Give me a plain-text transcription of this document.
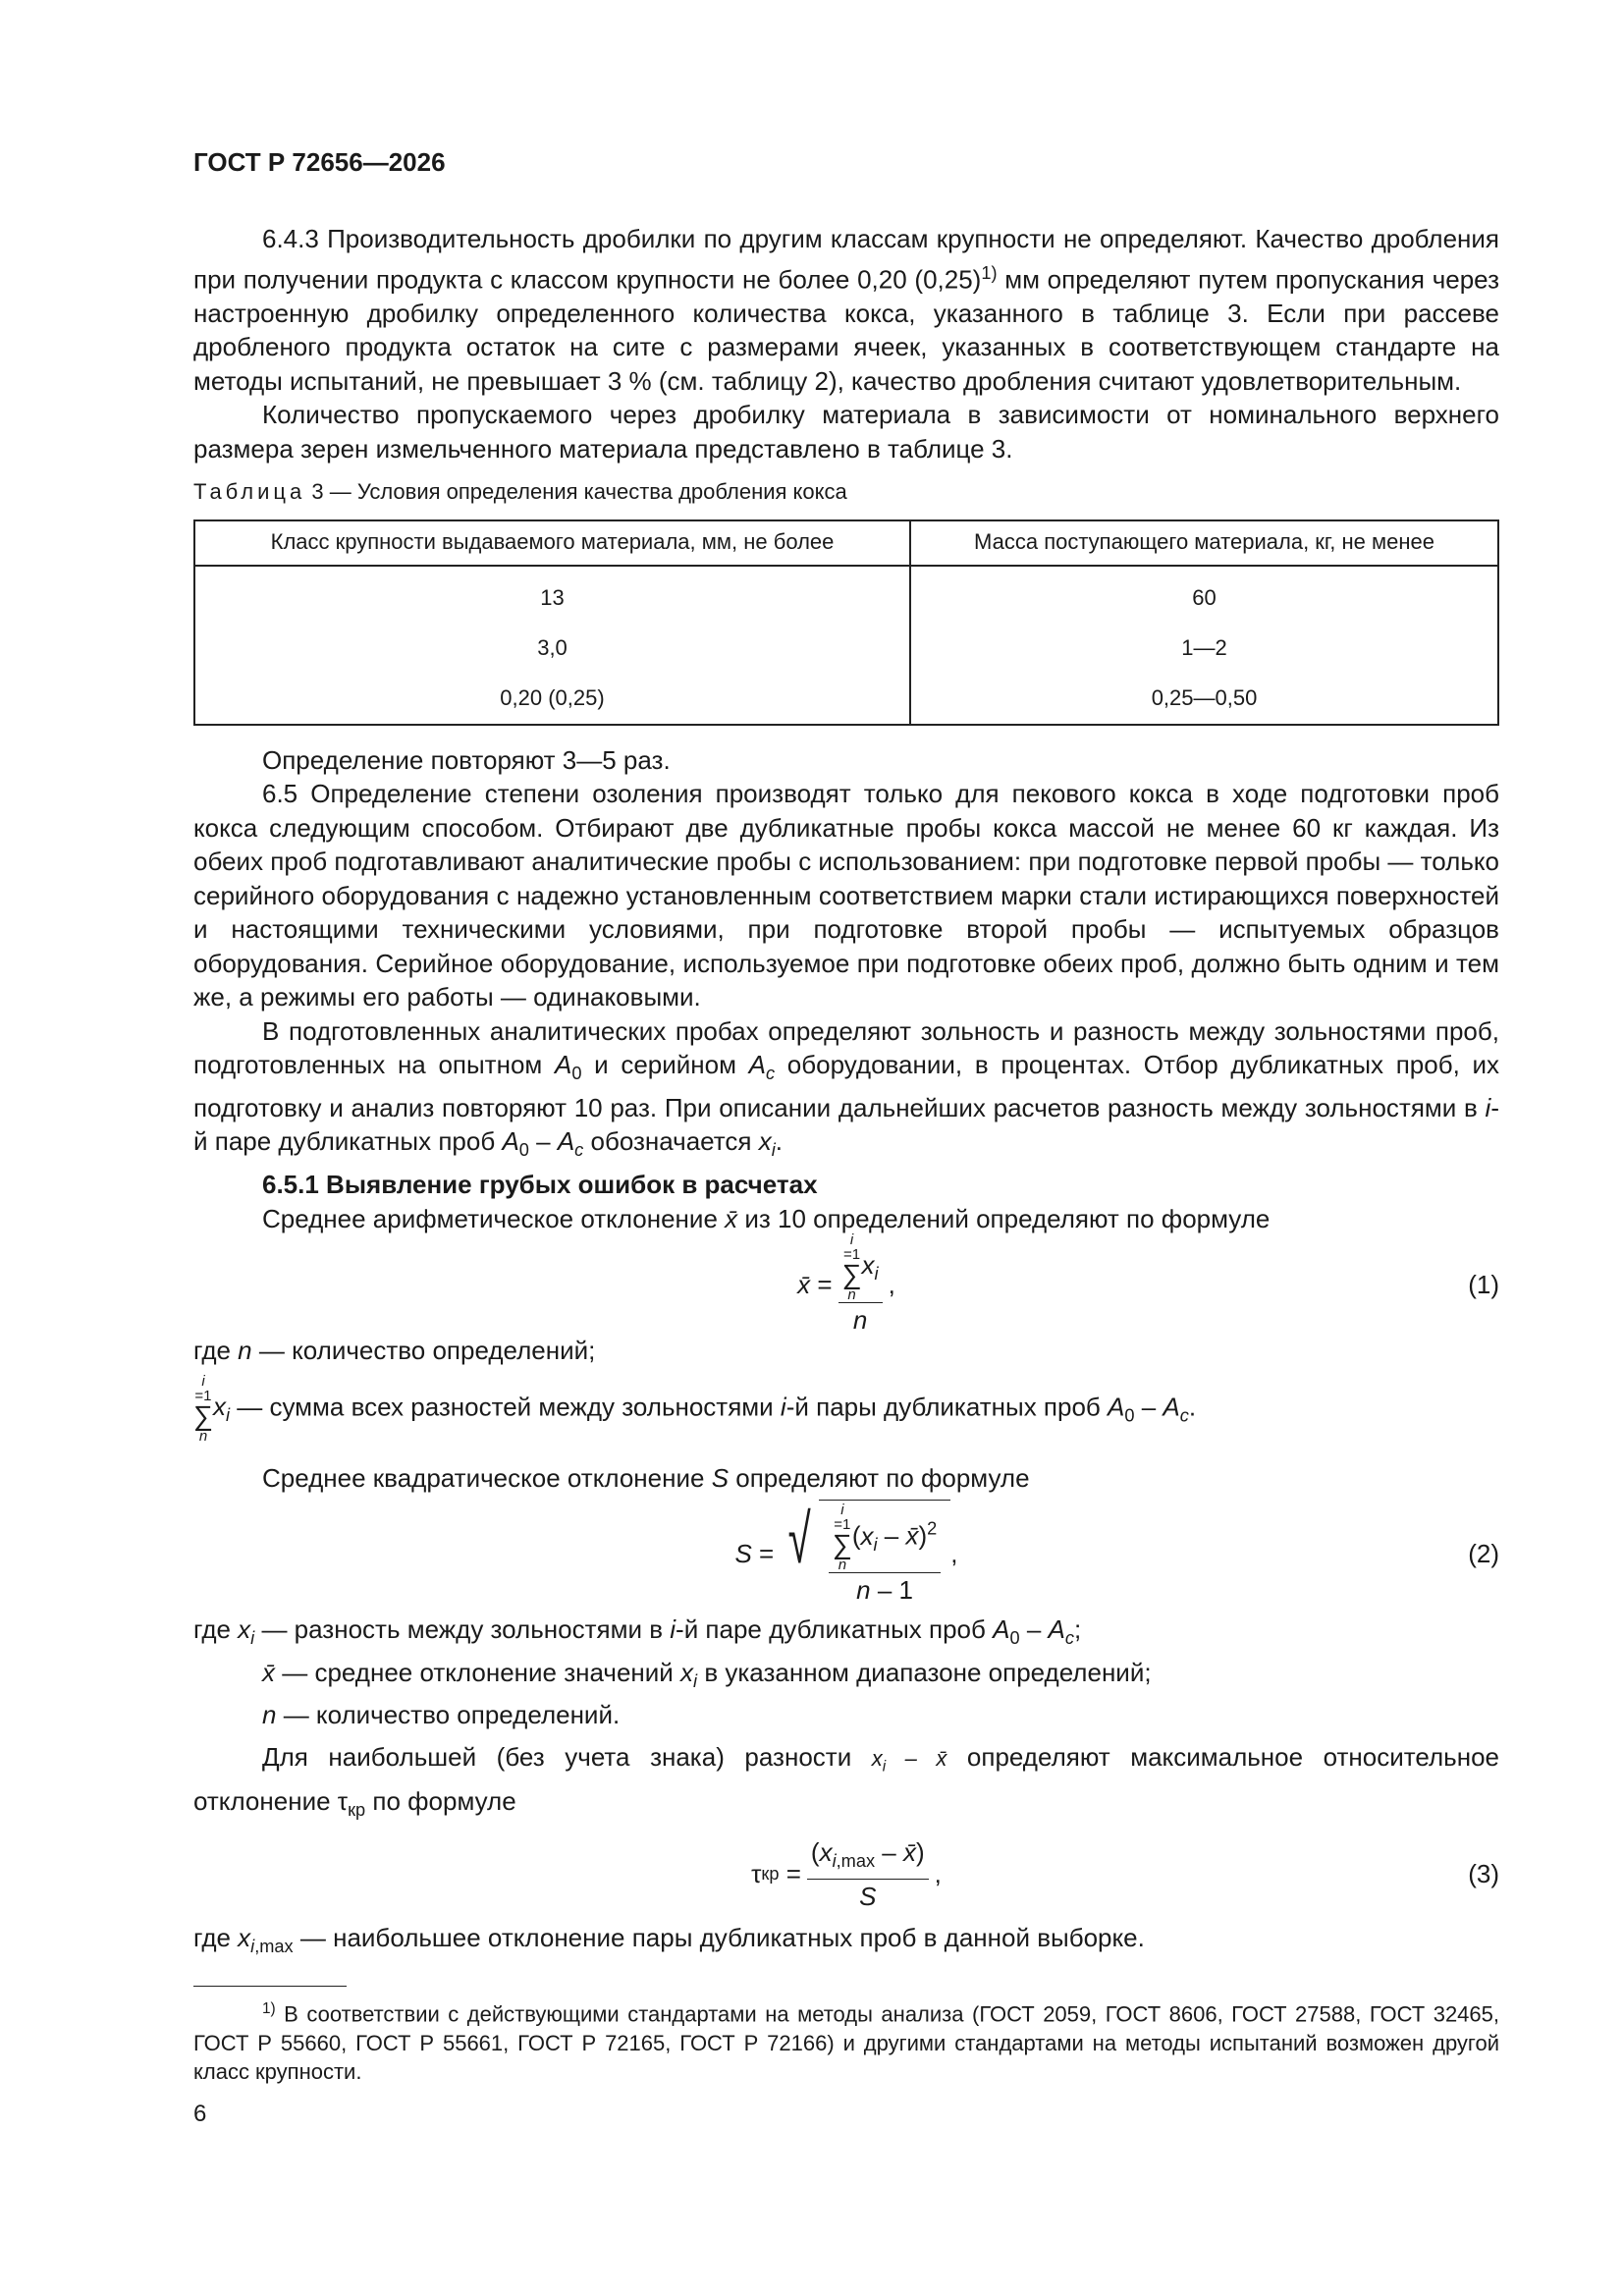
ГОСТ Р 72656—2026

6.4.3 Производительность дробилки по другим классам крупности не определяют. Качество дробления при получении продукта с классом крупности не более 0,20 $(0,25)^{1)}$ мм определяют путем пропускания через настроенную дробилку определенного количества кокса, указанного в таблице 3. Если при рассеве дробленого продукта остаток на сите с размерами ячеек, указанных в соответствующем стандарте на методы испытаний, не превышает 3 % (см. таблицу 2), качество дробления считают удовлетворительным.

Количество пропускаемого через дробилку материала в зависимости от номинального верхнего размера зерен измельченного материала представлено в таблице 3.

Таблица 3 — Условия определения качества дробления кокса
Класс крупности выдаваемого материала, мм, не более	Масса поступающего материала, кг, не менее
13	60
3,0	1—2
0,20 (0,25)	0,25—0,50

Определение повторяют 3—5 раз.

6.5 Определение степени озоления производят только для пекового кокса в ходе подготовки проб кокса следующим способом. Отбирают две дубликатные пробы кокса массой не менее 60 кг каждая. Из обеих проб подготавливают аналитические пробы с использованием: при подготовке первой пробы — только серийного оборудования с надежно установленным соответствием марки стали истирающихся поверхностей и настоящими техническими условиями, при подготовке второй пробы — испытуемых образцов оборудования. Серийное оборудование, используемое при подготовке обеих проб, должно быть одним и тем же, а режимы его работы — одинаковыми.

В подготовленных аналитических пробах определяют зольность и разность между зольностями проб, подготовленных на опытном $A_0$ и серийном $A_c$ оборудовании, в процентах. Отбор дубликатных проб, их подготовку и анализ повторяют 10 раз. При описании дальнейших расчетов разность между зольностями в i-й паре дубликатных проб $A_0 - A_c$ обозначается $x_i$.

6.5.1 Выявление грубых ошибок в расчетах

Среднее арифметическое отклонение x̄ из 10 определений определяют по формуле

x̄ = i
=1
∑
n
$x_i$
n ,	(1)

где n — количество определений;

i
=1
∑
n
$x_i$ — сумма всех разностей между зольностями i-й пары дубликатных проб $A_0 - A_c$.

Среднее квадратическое отклонение S определяют по формуле

S = √ i
=1
∑
n
($x_i$ – x̄)$^2$
n – 1 ,	(2)

где $x_i$ — разность между зольностями в i-й паре дубликатных проб $A_0 - A_c$;

x̄ — среднее отклонение значений $x_i$ в указанном диапазоне определений;

n — количество определений.

Для наибольшей (без учета знака) разности $x_i$ – x̄ определяют максимальное относительное отклонение $\tau_{кр}$ по формуле

τ кр = $\frac{(x_{i,max} - x̄)}{S}$ ,	(3)

где $x_{i,max}$ — наибольшее отклонение пары дубликатных проб в данной выборке.

$^{1)}$ В соответствии с действующими стандартами на методы анализа (ГОСТ 2059, ГОСТ 8606, ГОСТ 27588, ГОСТ 32465, ГОСТ Р 55660, ГОСТ Р 55661, ГОСТ Р 72165, ГОСТ Р 72166) и другими стандартами на методы испытаний возможен другой класс крупности.

6
